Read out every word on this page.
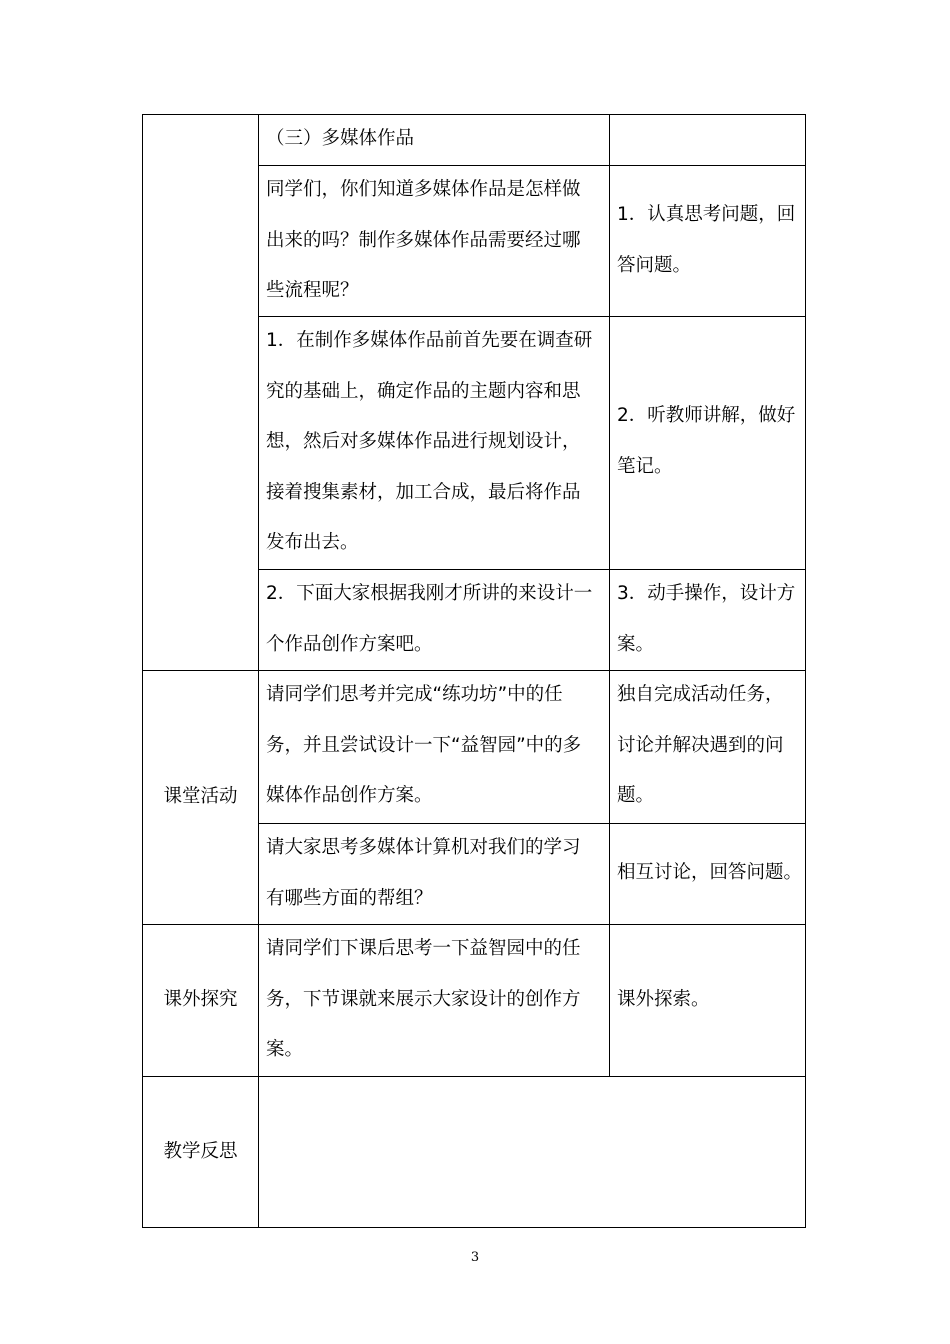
（三）多媒体作品
同学们，你们知道多媒体作品是怎样做
出来的吗？制作多媒体作品需要经过哪
些流程呢？
1．认真思考问题，回
答问题。
1．在制作多媒体作品前首先要在调查研
究的基础上，确定作品的主题内容和思
想，然后对多媒体作品进行规划设计，
接着搜集素材，加工合成，最后将作品
发布出去。
2．听教师讲解，做好
笔记。
2．下面大家根据我刚才所讲的来设计一
个作品创作方案吧。
3．动手操作，设计方
案。
课堂活动
请同学们思考并完成“练功坊”中的任
务，并且尝试设计一下“益智园”中的多
媒体作品创作方案。
独自完成活动任务，
讨论并解决遇到的问
题。
请大家思考多媒体计算机对我们的学习
有哪些方面的帮组？
相互讨论，回答问题。
课外探究
请同学们下课后思考一下益智园中的任
务，下节课就来展示大家设计的创作方
案。
课外探索。
教学反思
3
